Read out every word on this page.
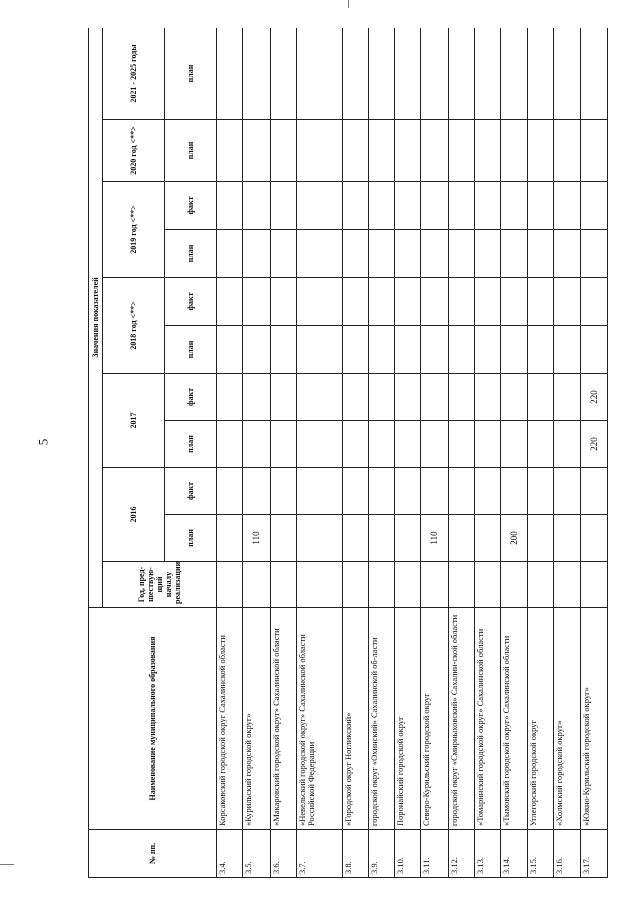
5
№ пп.	Наименование муниципального образования	Значения показателей										
		Год, пред-шествую-щий началу реализации	2016		2017		2018 год <**>		2019 год <**>		2020 год <**>	2021 - 2025 годы
			план	факт	план	факт	план	факт	план	факт	план	план
3.4.	Корсаковский городской округ Сахалинской области											
3.5.	«Курильский городской округ»		110									
3.6.	«Макаровский городской округ» Сахалинской области											
3.7.	«Невельский городской округ» Сахалинской области Российской Федерации											
3.8.	«Городской округ Ногликский»											
3.9.	городской округ «Охинский» Сахалинской об-ласти											
3.10.	Поронайский городской округ											
3.11.	Северо-Курильский городской округ		110									
3.12.	городской округ «Смирныховский» Сахалин-ской области											
3.13.	«Томаринский городской округ» Сахалинской области											
3.14.	«Тымовский городской округ» Сахалинской области		200									
3.15.	Углегорский городской округ											
3.16.	«Холмский городской округ»											
3.17.	«Южно-Курильский городской округ»				220	220						
